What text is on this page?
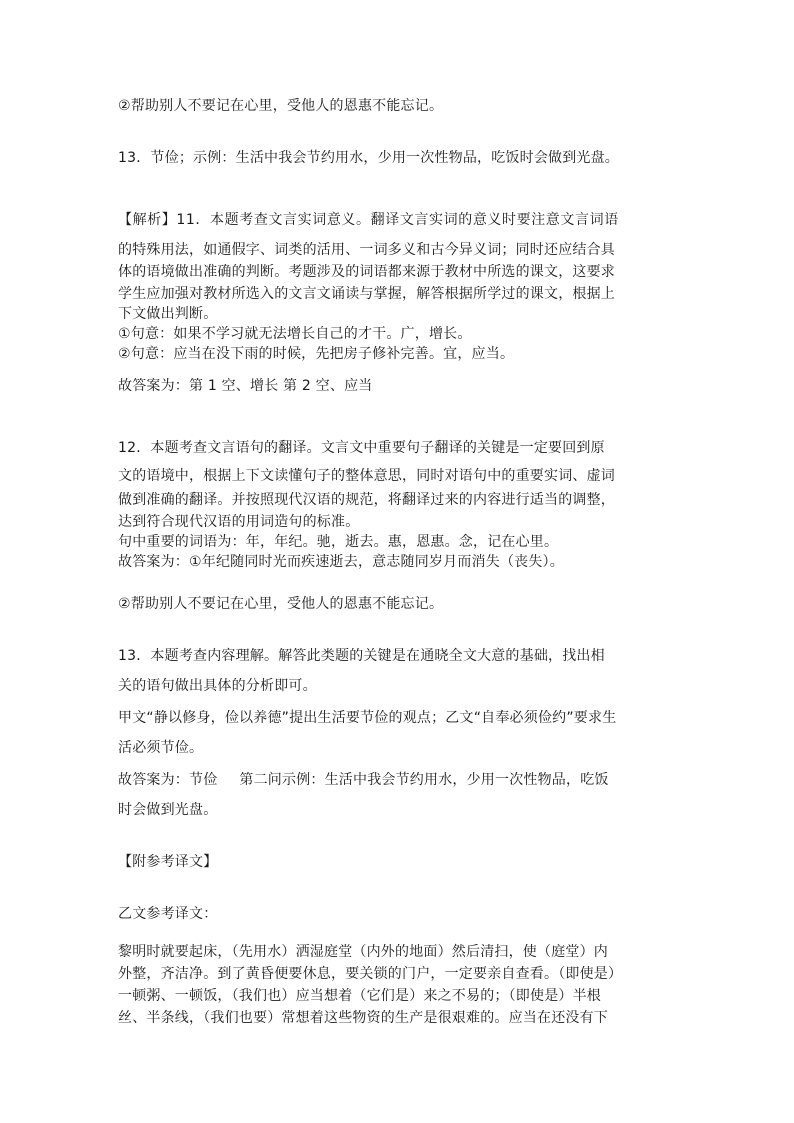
②帮助别人不要记在心里，受他人的恩惠不能忘记。

13．节俭；示例：生活中我会节约用水，少用一次性物品，吃饭时会做到光盘。

【解析】11．本题考查文言实词意义。翻译文言实词的意义时要注意文言词语

的特殊用法，如通假字、词类的活用、一词多义和古今异义词；同时还应结合具

体的语境做出准确的判断。考题涉及的词语都来源于教材中所选的课文，这要求

学生应加强对教材所选入的文言文诵读与掌握，解答根据所学过的课文，根据上

下文做出判断。

①句意：如果不学习就无法增长自己的才干。广，增长。

②句意：应当在没下雨的时候，先把房子修补完善。宜，应当。

故答案为：第 1 空、增长 第 2 空、应当

12．本题考查文言语句的翻译。文言文中重要句子翻译的关键是一定要回到原

文的语境中，根据上下文读懂句子的整体意思，同时对语句中的重要实词、虚词

做到准确的翻译。并按照现代汉语的规范，将翻译过来的内容进行适当的调整，

达到符合现代汉语的用词造句的标准。

句中重要的词语为：年，年纪。驰，逝去。惠，恩惠。念，记在心里。

故答案为：①年纪随同时光而疾速逝去，意志随同岁月而消失（丧失）。

②帮助别人不要记在心里，受他人的恩惠不能忘记。

13．本题考查内容理解。解答此类题的关键是在通晓全文大意的基础，找出相

关的语句做出具体的分析即可。

甲文“静以修身，俭以养德”提出生活要节俭的观点；乙文“自奉必须俭约”要求生

活必须节俭。

故答案为：节俭 第二问示例：生活中我会节约用水，少用一次性物品，吃饭

时会做到光盘。

【附参考译文】

乙文参考译文：

黎明时就要起床，（先用水）洒湿庭堂（内外的地面）然后清扫，使（庭堂）内

外整，齐洁净。到了黄昏便要休息，要关锁的门户，一定要亲自查看。（即使是）

一顿粥、一顿饭，（我们也）应当想着（它们是）来之不易的；（即使是）半根

丝、半条线，（我们也要）常想着这些物资的生产是很艰难的。应当在还没有下
